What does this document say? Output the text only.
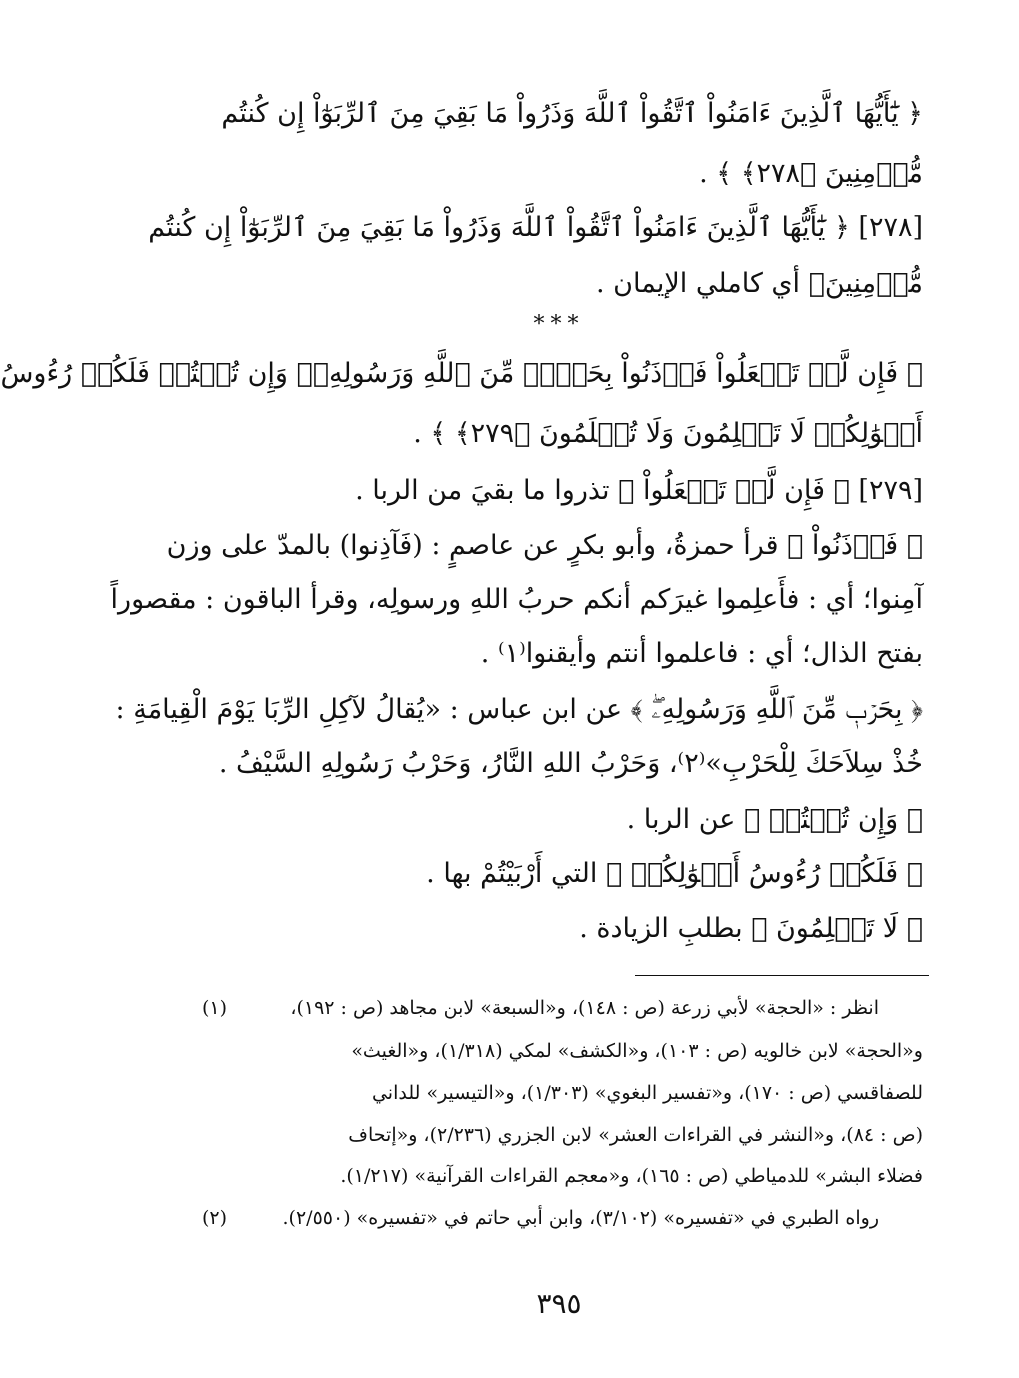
﴿ يَٰٓأَيُّهَا ٱلَّذِينَ ءَامَنُواْ ٱتَّقُواْ ٱللَّهَ وَذَرُواْ مَا بَقِيَ مِنَ ٱلرِّبَوٰٓاْ إِن كُنتُم
مُّؤۡمِنِينَ ﴿٢٧٨﴾ ﴾ .
[٢٧٨] ﴿ يَٰٓأَيُّهَا ٱلَّذِينَ ءَامَنُواْ ٱتَّقُواْ ٱللَّهَ وَذَرُواْ مَا بَقِيَ مِنَ ٱلرِّبَوٰٓاْ إِن كُنتُم
مُّؤۡمِنِينَ﴾ أي كاملي الإيمان .
***
﴿ فَإِن لَّمۡ تَفۡعَلُواْ فَأۡذَنُواْ بِحَرۡبٖ مِّنَ ٱللَّهِ وَرَسُولِهِۦۖ وَإِن تُبۡتُمۡ فَلَكُمۡ رُءُوسُ
أَمۡوَٰلِكُمۡ لَا تَظۡلِمُونَ وَلَا تُظۡلَمُونَ ﴿٢٧٩﴾ ﴾ .
[٢٧٩] ﴿ فَإِن لَّمۡ تَفۡعَلُواْ ﴾ تذروا ما بقيَ من الربا .
﴿ فَأۡذَنُواْ ﴾ قرأ حمزةُ، وأبو بكرٍ عن عاصمٍ : (فَآذِنوا) بالمدّ على وزن
آمِنوا؛ أي : فأَعلِموا غيرَكم أنكم حربُ اللهِ ورسولِه، وقرأ الباقون : مقصوراً
بفتح الذال؛ أي : فاعلموا أنتم وأيقنوا⁽١⁾ .
﴿ بِحَرۡبٖ مِّنَ ٱللَّهِ وَرَسُولِهِۦۖ ﴾ عن ابن عباس : «يُقالُ لآكِلِ الرِّبَا يَوْمَ الْقِيامَةِ :
خُذْ سِلاَحَكَ لِلْحَرْبِ»⁽٢⁾، وَحَرْبُ اللهِ النَّارُ، وَحَرْبُ رَسُولِهِ السَّيْفُ .
﴿ وَإِن تُبۡتُمۡ ﴾ عن الربا .
﴿ فَلَكُمۡ رُءُوسُ أَمۡوَٰلِكُمۡ ﴾ التي أَرْبَيْتُمْ بها .
﴿ لَا تَظۡلِمُونَ ﴾ بطلبِ الزيادة .
(١)	انظر : «الحجة» لأبي زرعة (ص : ١٤٨)، و«السبعة» لابن مجاهد (ص : ١٩٢)،
و«الحجة» لابن خالويه (ص : ١٠٣)، و«الكشف» لمكي (١/٣١٨)، و«الغيث»
للصفاقسي (ص : ١٧٠)، و«تفسير البغوي» (١/٣٠٣)، و«التيسير» للداني
(ص : ٨٤)، و«النشر في القراءات العشر» لابن الجزري (٢/٢٣٦)، و«إتحاف
فضلاء البشر» للدمياطي (ص : ١٦٥)، و«معجم القراءات القرآنية» (١/٢١٧).
(٢)	رواه الطبري في «تفسيره» (٣/١٠٢)، وابن أبي حاتم في «تفسيره» (٢/٥٥٠).
٣٩٥
